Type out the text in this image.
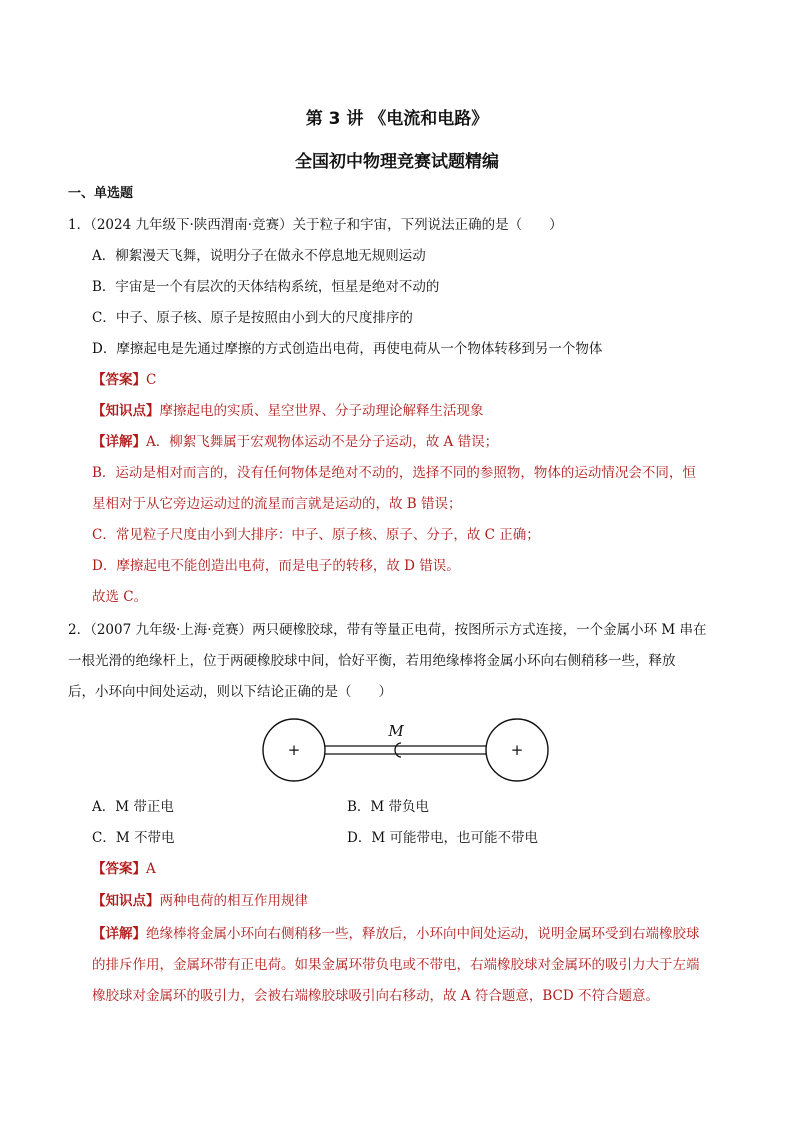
第 3 讲 《电流和电路》
全国初中物理竞赛试题精编
一、单选题
1．（2024 九年级下·陕西渭南·竞赛）关于粒子和宇宙，下列说法正确的是（　　）
A．柳絮漫天飞舞，说明分子在做永不停息地无规则运动
B．宇宙是一个有层次的天体结构系统，恒星是绝对不动的
C．中子、原子核、原子是按照由小到大的尺度排序的
D．摩擦起电是先通过摩擦的方式创造出电荷，再使电荷从一个物体转移到另一个物体
【答案】C
【知识点】摩擦起电的实质、星空世界、分子动理论解释生活现象
【详解】A．柳絮飞舞属于宏观物体运动不是分子运动，故 A 错误；
B．运动是相对而言的，没有任何物体是绝对不动的，选择不同的参照物，物体的运动情况会不同，恒
星相对于从它旁边运动过的流星而言就是运动的，故 B 错误；
C．常见粒子尺度由小到大排序：中子、原子核、原子、分子，故 C 正确；
D．摩擦起电不能创造出电荷，而是电子的转移，故 D 错误。
故选 C。
2．（2007 九年级·上海·竞赛）两只硬橡胶球，带有等量正电荷，按图所示方式连接，一个金属小环 M 串在
一根光滑的绝缘杆上，位于两硬橡胶球中间，恰好平衡，若用绝缘棒将金属小环向右侧稍移一些，释放
后，小环向中间处运动，则以下结论正确的是（　　）
+	+
M
A．M 带正电	B．M 带负电
C．M 不带电	D．M 可能带电，也可能不带电
【答案】A
【知识点】两种电荷的相互作用规律
【详解】绝缘棒将金属小环向右侧稍移一些，释放后，小环向中间处运动，说明金属环受到右端橡胶球
的排斥作用，金属环带有正电荷。如果金属环带负电或不带电，右端橡胶球对金属环的吸引力大于左端
橡胶球对金属环的吸引力，会被右端橡胶球吸引向右移动，故 A 符合题意，BCD 不符合题意。
